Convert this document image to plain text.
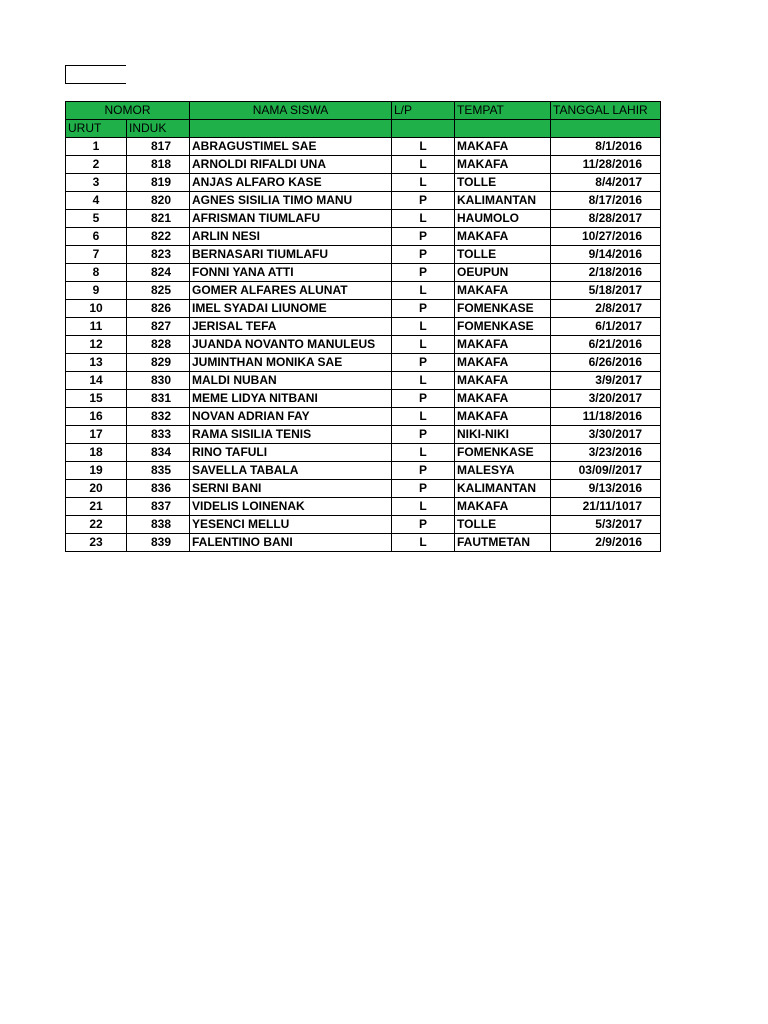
NOMOR		NAMA SISWA	L/P	TEMPAT	TANGGAL LAHIR
URUT	INDUK				
1	817	ABRAGUSTIMEL SAE	L	MAKAFA	8/1/2016
2	818	ARNOLDI RIFALDI UNA	L	MAKAFA	11/28/2016
3	819	ANJAS ALFARO KASE	L	TOLLE	8/4/2017
4	820	AGNES SISILIA TIMO MANU	P	KALIMANTAN	8/17/2016
5	821	AFRISMAN TIUMLAFU	L	HAUMOLO	8/28/2017
6	822	ARLIN NESI	P	MAKAFA	10/27/2016
7	823	BERNASARI TIUMLAFU	P	TOLLE	9/14/2016
8	824	FONNI YANA ATTI	P	OEUPUN	2/18/2016
9	825	GOMER ALFARES ALUNAT	L	MAKAFA	5/18/2017
10	826	IMEL SYADAI LIUNOME	P	FOMENKASE	2/8/2017
11	827	JERISAL TEFA	L	FOMENKASE	6/1/2017
12	828	JUANDA NOVANTO MANULEUS	L	MAKAFA	6/21/2016
13	829	JUMINTHAN MONIKA SAE	P	MAKAFA	6/26/2016
14	830	MALDI NUBAN	L	MAKAFA	3/9/2017
15	831	MEME LIDYA NITBANI	P	MAKAFA	3/20/2017
16	832	NOVAN ADRIAN FAY	L	MAKAFA	11/18/2016
17	833	RAMA SISILIA TENIS	P	NIKI-NIKI	3/30/2017
18	834	RINO TAFULI	L	FOMENKASE	3/23/2016
19	835	SAVELLA TABALA	P	MALESYA	03/09//2017
20	836	SERNI BANI	P	KALIMANTAN	9/13/2016
21	837	VIDELIS LOINENAK	L	MAKAFA	21/11/1017
22	838	YESENCI MELLU	P	TOLLE	5/3/2017
23	839	FALENTINO BANI	L	FAUTMETAN	2/9/2016
